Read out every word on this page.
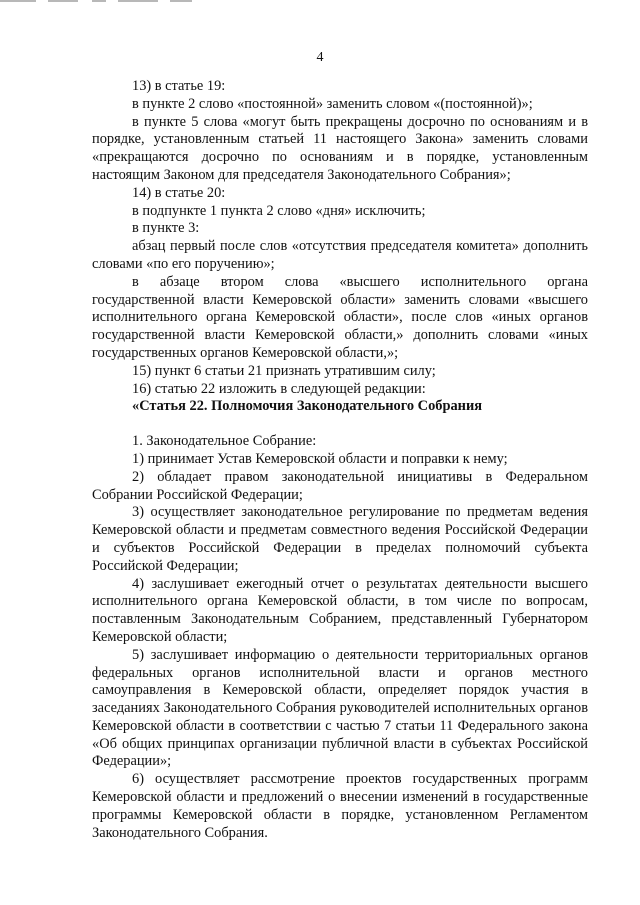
4

13) в статье 19:

в пункте 2 слово «постоянной» заменить словом «(постоянной)»;

в пункте 5 слова «могут быть прекращены досрочно по основаниям и в порядке, установленным статьей 11 настоящего Закона» заменить словами «прекращаются досрочно по основаниям и в порядке, установленным настоящим Законом для председателя Законодательного Собрания»;

14) в статье 20:

в подпункте 1 пункта 2 слово «дня» исключить;

в пункте 3:

абзац первый после слов «отсутствия председателя комитета» дополнить словами «по его поручению»;

в абзаце втором слова «высшего исполнительного органа государственной власти Кемеровской области» заменить словами «высшего исполнительного органа Кемеровской области», после слов «иных органов государственной власти Кемеровской области,» дополнить словами «иных государственных органов Кемеровской области,»;

15) пункт 6 статьи 21 признать утратившим силу;

16) статью 22 изложить в следующей редакции:

«Статья 22. Полномочия Законодательного Собрания

1. Законодательное Собрание:

1) принимает Устав Кемеровской области и поправки к нему;

2) обладает правом законодательной инициативы в Федеральном Собрании Российской Федерации;

3) осуществляет законодательное регулирование по предметам ведения Кемеровской области и предметам совместного ведения Российской Федерации и субъектов Российской Федерации в пределах полномочий субъекта Российской Федерации;

4) заслушивает ежегодный отчет о результатах деятельности высшего исполнительного органа Кемеровской области, в том числе по вопросам, поставленным Законодательным Собранием, представленный Губернатором Кемеровской области;

5) заслушивает информацию о деятельности территориальных органов федеральных органов исполнительной власти и органов местного самоуправления в Кемеровской области, определяет порядок участия в заседаниях Законодательного Собрания руководителей исполнительных органов Кемеровской области в соответствии с частью 7 статьи 11 Федерального закона «Об общих принципах организации публичной власти в субъектах Российской Федерации»;

6) осуществляет рассмотрение проектов государственных программ Кемеровской области и предложений о внесении изменений в государственные программы Кемеровской области в порядке, установленном Регламентом Законодательного Собрания.
